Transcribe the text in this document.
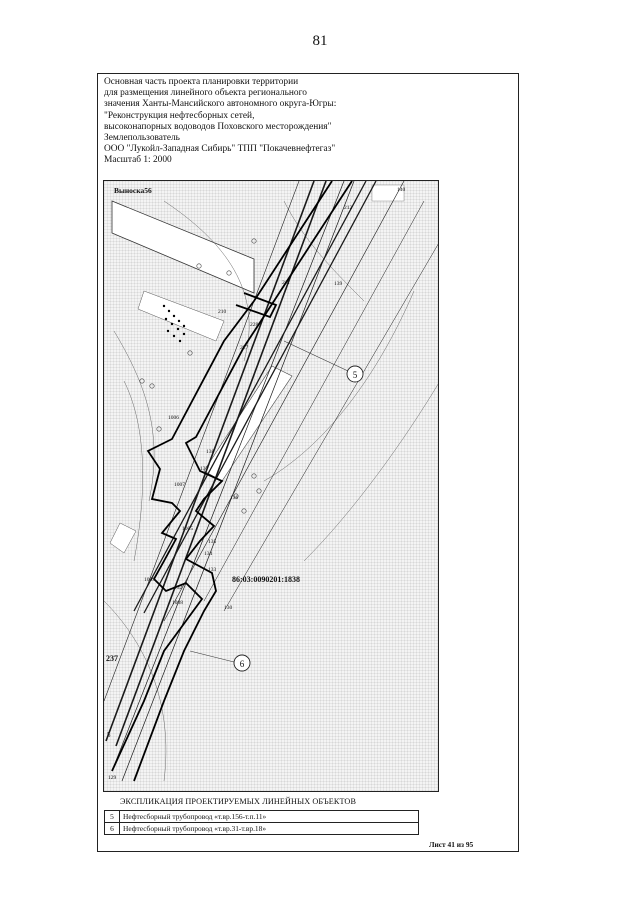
81
Основная часть проекта планировки территории
для размещения линейного объекта регионального
значения Ханты-Мансийского автономного округа-Югры:
"Реконструкция нефтесборных сетей,
высоконапорных водоводов Поховского месторождения"
Землепользователь
ООО "Лукойл-Западная Сибирь" ТПП "Покачевнефтегаз"
Масштаб 1: 2000
5
6
Выноска56
86:03:0090201:1838
237
140
139
212
211
210
228
227
1006
138
137
136
1007
1005
134
135
133
132
1009
1008
130
129
5
ЭКСПЛИКАЦИЯ ПРОЕКТИРУЕМЫХ ЛИНЕЙНЫХ ОБЪЕКТОВ
5	Нефтесборный трубопровод «т.вр.156-т.п.11»
6	Нефтесборный трубопровод «т.вр.31-т.вр.18»
Лист 41 из 95
